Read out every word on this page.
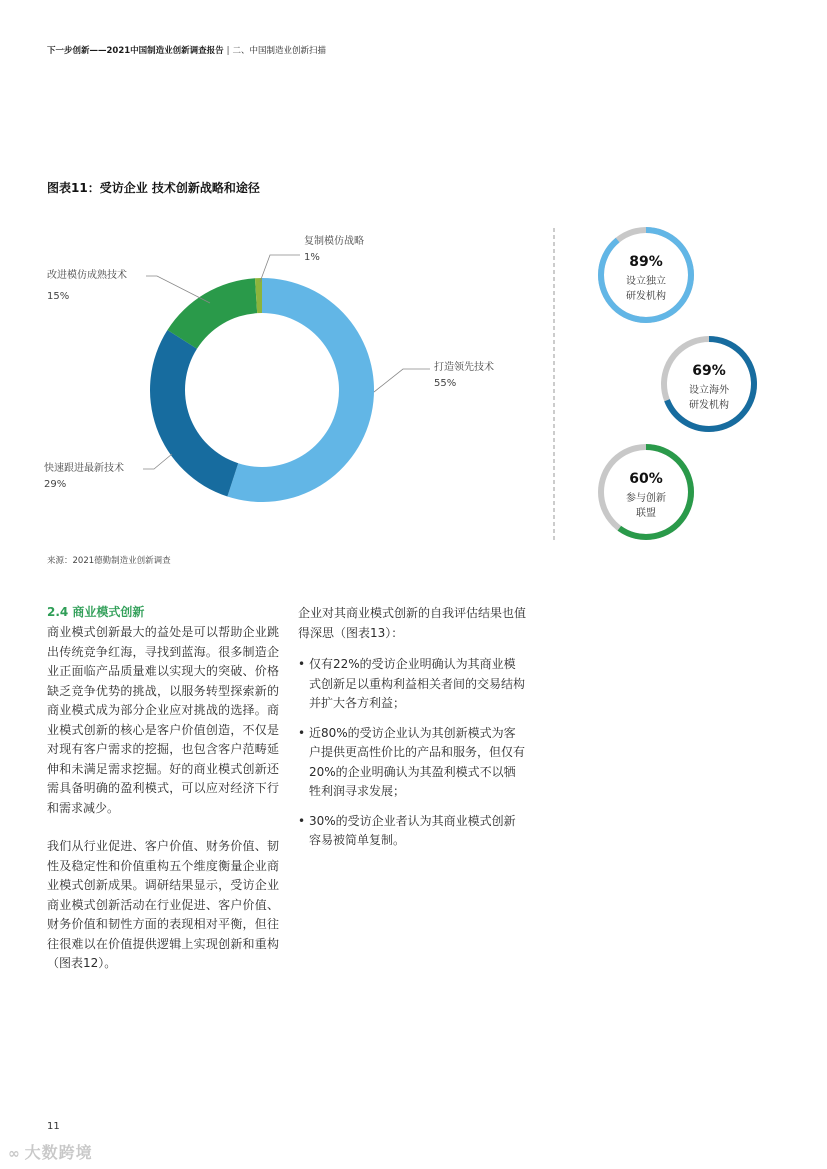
下一步创新——2021中国制造业创新调查报告 | 二、中国制造业创新扫描
图表11：受访企业 技术创新战略和途径
复制模仿战略
1%
打造领先技术
55%
改进模仿成熟技术
15%
快速跟进最新技术
29%
89%
设立独立
研发机构
69%
设立海外
研发机构
60%
参与创新
联盟
来源：2021德勤制造业创新调查
2.4 商业模式创新

商业模式创新最大的益处是可以帮助企业跳出传统竞争红海，寻找到蓝海。很多制造企业正面临产品质量难以实现大的突破、价格缺乏竞争优势的挑战，以服务转型探索新的商业模式成为部分企业应对挑战的选择。商业模式创新的核心是客户价值创造，不仅是对现有客户需求的挖掘，也包含客户范畴延伸和未满足需求挖掘。好的商业模式创新还需具备明确的盈利模式，可以应对经济下行和需求减少。

我们从行业促进、客户价值、财务价值、韧性及稳定性和价值重构五个维度衡量企业商业模式创新成果。调研结果显示，受访企业商业模式创新活动在行业促进、客户价值、财务价值和韧性方面的表现相对平衡，但往往很难以在价值提供逻辑上实现创新和重构（图表12）。

企业对其商业模式创新的自我评估结果也值得深思（图表13）：

• 仅有22%的受访企业明确认为其商业模式创新足以重构利益相关者间的交易结构并扩大各方利益；
• 近80%的受访企业认为其创新模式为客户提供更高性价比的产品和服务，但仅有20%的企业明确认为其盈利模式不以牺牲利润寻求发展；
• 30%的受访企业者认为其商业模式创新容易被简单复制。
11
∞ 大数跨境
